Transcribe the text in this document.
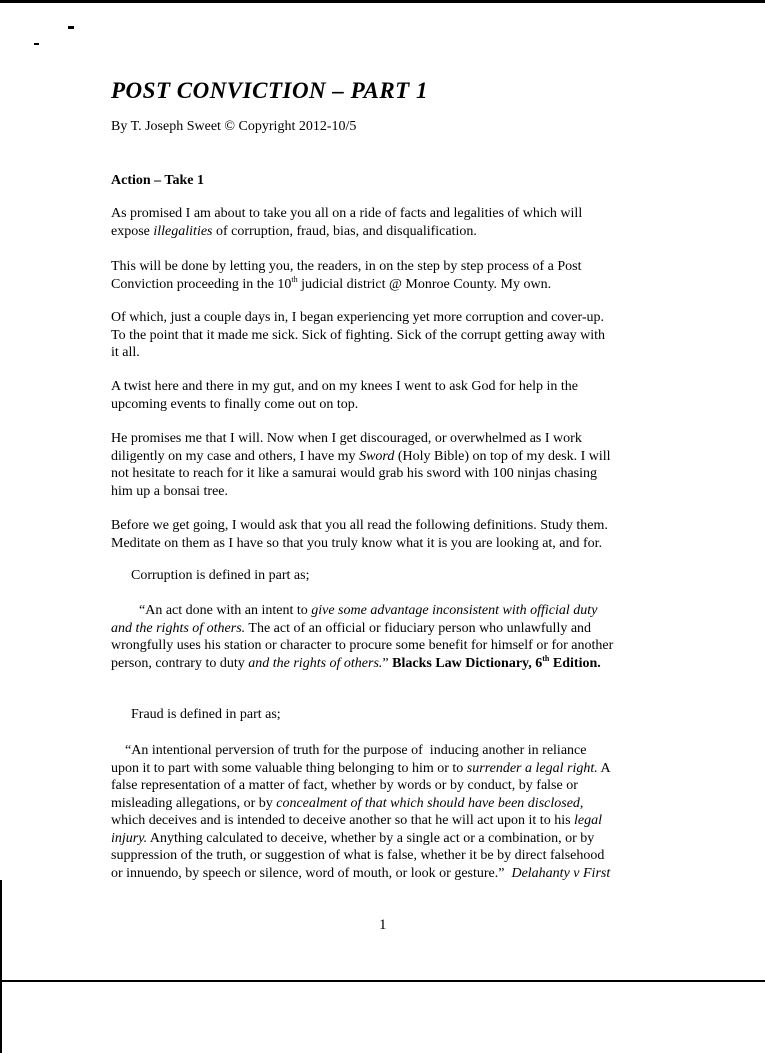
POST CONVICTION – PART 1
By T. Joseph Sweet © Copyright 2012-10/5
Action – Take 1
As promised I am about to take you all on a ride of facts and legalities of which will
expose illegalities of corruption, fraud, bias, and disqualification.
This will be done by letting you, the readers, in on the step by step process of a Post
Conviction proceeding in the 10th judicial district @ Monroe County. My own.
Of which, just a couple days in, I began experiencing yet more corruption and cover-up.
To the point that it made me sick. Sick of fighting. Sick of the corrupt getting away with
it all.
A twist here and there in my gut, and on my knees I went to ask God for help in the
upcoming events to finally come out on top.
He promises me that I will. Now when I get discouraged, or overwhelmed as I work
diligently on my case and others, I have my Sword (Holy Bible) on top of my desk. I will
not hesitate to reach for it like a samurai would grab his sword with 100 ninjas chasing
him up a bonsai tree.
Before we get going, I would ask that you all read the following definitions. Study them.
Meditate on them as I have so that you truly know what it is you are looking at, and for.
Corruption is defined in part as;
“An act done with an intent to give some advantage inconsistent with official duty
and the rights of others. The act of an official or fiduciary person who unlawfully and
wrongfully uses his station or character to procure some benefit for himself or for another
person, contrary to duty and the rights of others.” Blacks Law Dictionary, 6th Edition.
Fraud is defined in part as;
“An intentional perversion of truth for the purpose of  inducing another in reliance
upon it to part with some valuable thing belonging to him or to surrender a legal right. A
false representation of a matter of fact, whether by words or by conduct, by false or
misleading allegations, or by concealment of that which should have been disclosed,
which deceives and is intended to deceive another so that he will act upon it to his legal
injury. Anything calculated to deceive, whether by a single act or a combination, or by
suppression of the truth, or suggestion of what is false, whether it be by direct falsehood
or innuendo, by speech or silence, word of mouth, or look or gesture.”  Delahanty v First
1
